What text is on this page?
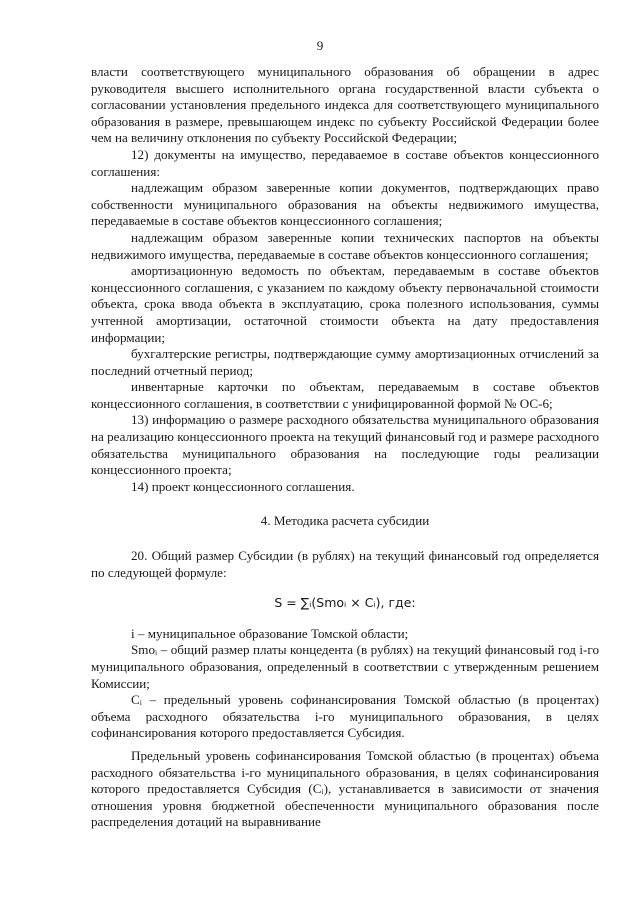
9

власти соответствующего муниципального образования об обращении в адрес руководителя высшего исполнительного органа государственной власти субъекта о согласовании установления предельного индекса для соответствующего муниципального образования в размере, превышающем индекс по субъекту Российской Федерации более чем на величину отклонения по субъекту Российской Федерации;

12) документы на имущество, передаваемое в составе объектов концессионного соглашения:

надлежащим образом заверенные копии документов, подтверждающих право собственности муниципального образования на объекты недвижимого имущества, передаваемые в составе объектов концессионного соглашения;

надлежащим образом заверенные копии технических паспортов на объекты недвижимого имущества, передаваемые в составе объектов концессионного соглашения;

амортизационную ведомость по объектам, передаваемым в составе объектов концессионного соглашения, с указанием по каждому объекту первоначальной стоимости объекта, срока ввода объекта в эксплуатацию, срока полезного использования, суммы учтенной амортизации, остаточной стоимости объекта на дату предоставления информации;

бухгалтерские регистры, подтверждающие сумму амортизационных отчислений за последний отчетный период;

инвентарные карточки по объектам, передаваемым в составе объектов концессионного соглашения, в соответствии с унифицированной формой № ОС-6;

13) информацию о размере расходного обязательства муниципального образования на реализацию концессионного проекта на текущий финансовый год и размере расходного обязательства муниципального образования на последующие годы реализации концессионного проекта;

14) проект концессионного соглашения.

4. Методика расчета субсидии

20. Общий размер Субсидии (в рублях) на текущий финансовый год определяется по следующей формуле:

S = ∑ᵢ(Smoᵢ × Cᵢ), где:

i – муниципальное образование Томской области;

Smoᵢ – общий размер платы концедента (в рублях) на текущий финансовый год i-го муниципального образования, определенный в соответствии с утвержденным решением Комиссии;

Cᵢ – предельный уровень софинансирования Томской областью (в процентах) объема расходного обязательства i-го муниципального образования, в целях софинансирования которого предоставляется Субсидия.

Предельный уровень софинансирования Томской областью (в процентах) объема расходного обязательства i-го муниципального образования, в целях софинансирования которого предоставляется Субсидия (Cᵢ), устанавливается в зависимости от значения отношения уровня бюджетной обеспеченности муниципального образования после распределения дотаций на выравнивание
